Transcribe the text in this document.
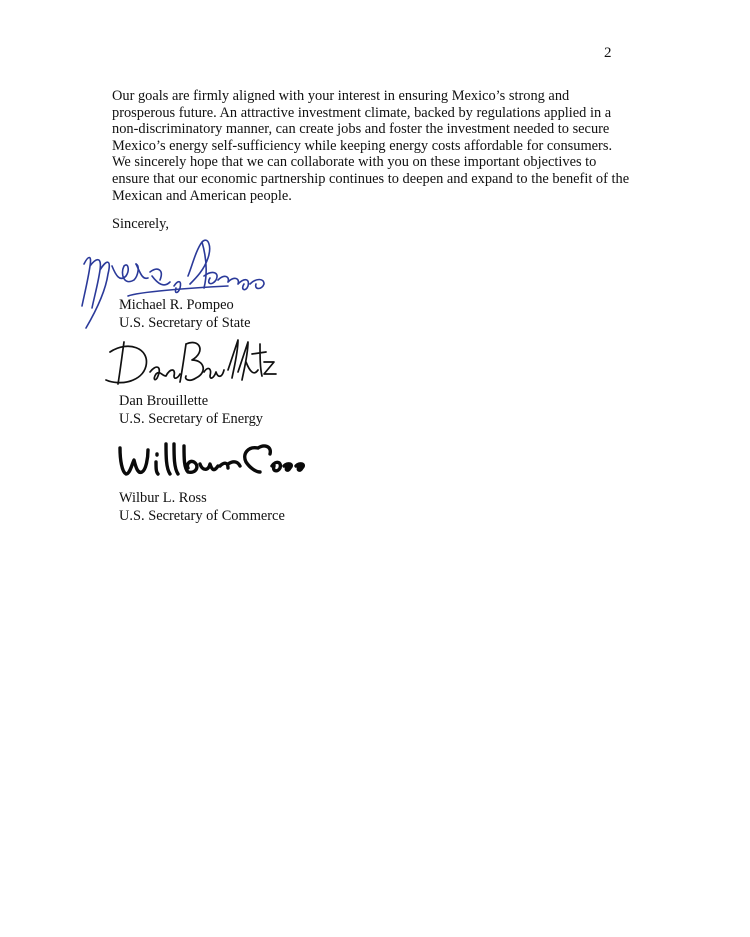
2

Our goals are firmly aligned with your interest in ensuring Mexico’s strong and prosperous future. An attractive investment climate, backed by regulations applied in a non-discriminatory manner, can create jobs and foster the investment needed to secure Mexico’s energy self-sufficiency while keeping energy costs affordable for consumers. We sincerely hope that we can collaborate with you on these important objectives to ensure that our economic partnership continues to deepen and expand to the benefit of the Mexican and American people.

Sincerely,
Michael R. Pompeo
U.S. Secretary of State
Dan Brouillette
U.S. Secretary of Energy
Wilbur L. Ross
U.S. Secretary of Commerce
